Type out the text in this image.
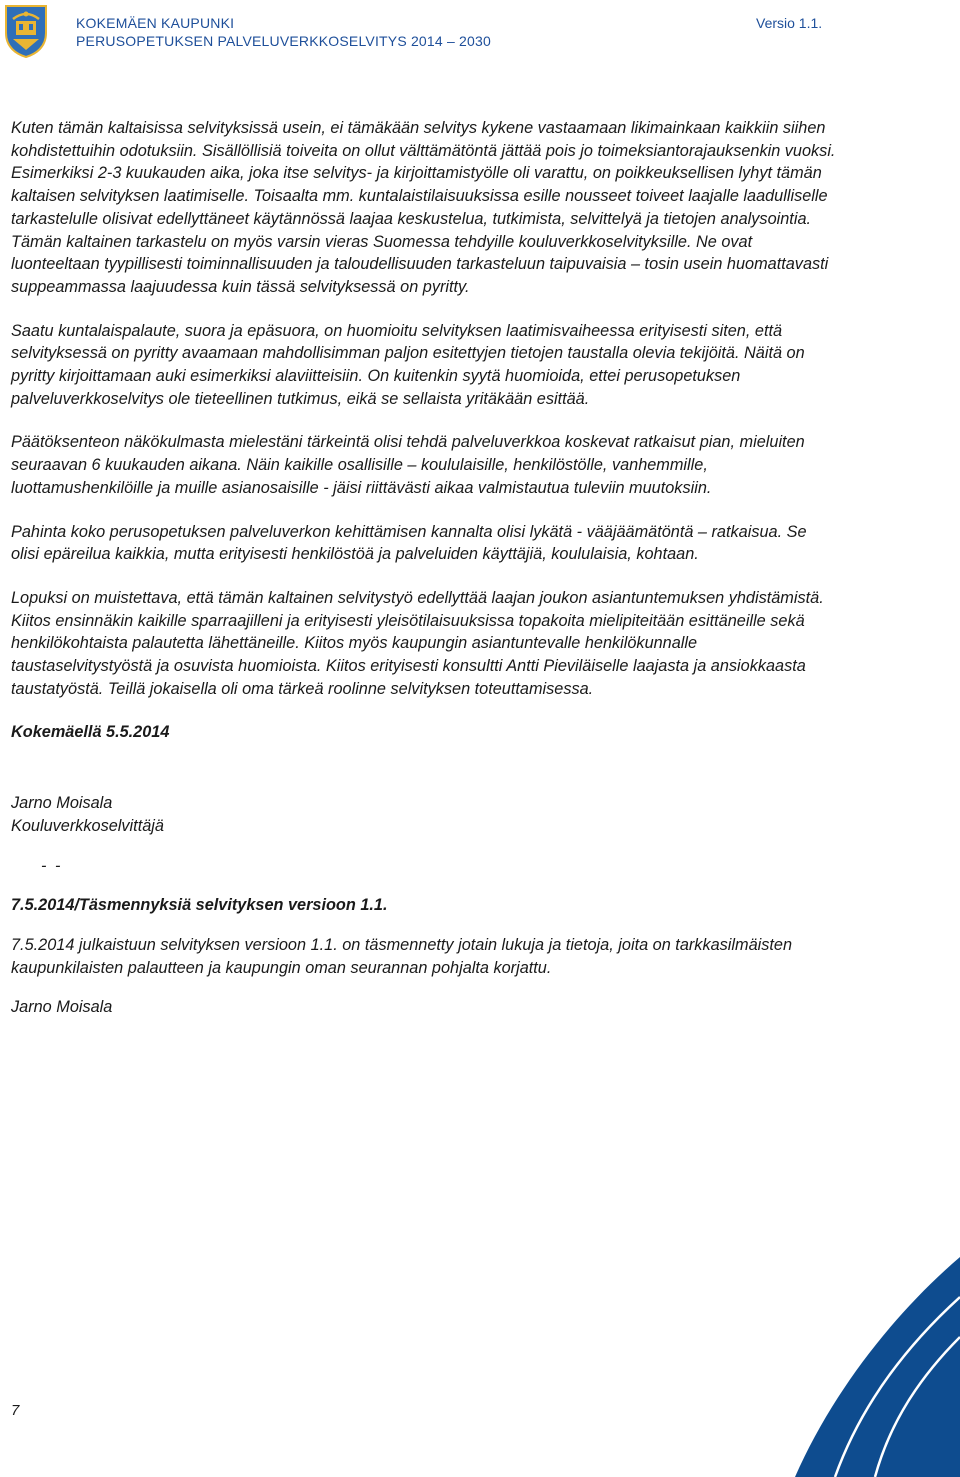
KOKEMÄEN KAUPUNKI
PERUSOPETUKSEN PALVELUVERKKOSELVITYS 2014 – 2030
Versio 1.1.

Kuten tämän kaltaisissa selvityksissä usein, ei tämäkään selvitys kykene vastaamaan likimainkaan kaikkiin siihen kohdistettuihin odotuksiin. Sisällöllisiä toiveita on ollut välttämätöntä jättää pois jo toimeksiantorajauksenkin vuoksi. Esimerkiksi 2-3 kuukauden aika, joka itse selvitys- ja kirjoittamistyölle oli varattu, on poikkeuksellisen lyhyt tämän kaltaisen selvityksen laatimiselle. Toisaalta mm. kuntalaistilaisuuksissa esille nousseet toiveet laajalle laadulliselle tarkastelulle olisivat edellyttäneet käytännössä laajaa keskustelua, tutkimista, selvittelyä ja tietojen analysointia. Tämän kaltainen tarkastelu on myös varsin vieras Suomessa tehdyille kouluverkkoselvityksille. Ne ovat luonteeltaan tyypillisesti toiminnallisuuden ja taloudellisuuden tarkasteluun taipuvaisia – tosin usein huomattavasti suppeammassa laajuudessa kuin tässä selvityksessä on pyritty.

Saatu kuntalaispalaute, suora ja epäsuora, on huomioitu selvityksen laatimisvaiheessa erityisesti siten, että selvityksessä on pyritty avaamaan mahdollisimman paljon esitettyjen tietojen taustalla olevia tekijöitä. Näitä on pyritty kirjoittamaan auki esimerkiksi alaviitteisiin. On kuitenkin syytä huomioida, ettei perusopetuksen palveluverkkoselvitys ole tieteellinen tutkimus, eikä se sellaista yritäkään esittää.

Päätöksenteon näkökulmasta mielestäni tärkeintä olisi tehdä palveluverkkoa koskevat ratkaisut pian, mieluiten seuraavan 6 kuukauden aikana. Näin kaikille osallisille – koululaisille, henkilöstölle, vanhemmille, luottamushenkilöille ja muille asianosaisille - jäisi riittävästi aikaa valmistautua tuleviin muutoksiin.

Pahinta koko perusopetuksen palveluverkon kehittämisen kannalta olisi lykätä - vääjäämätöntä – ratkaisua. Se olisi epäreilua kaikkia, mutta erityisesti henkilöstöä ja palveluiden käyttäjiä, koululaisia, kohtaan.

Lopuksi on muistettava, että tämän kaltainen selvitystyö edellyttää laajan joukon asiantuntemuksen yhdistämistä. Kiitos ensinnäkin kaikille sparraajilleni ja erityisesti yleisötilaisuuksissa topakoita mielipiteitään esittäneille sekä henkilökohtaista palautetta lähettäneille. Kiitos myös kaupungin asiantuntevalle henkilökunnalle taustaselvitystyöstä ja osuvista huomioista. Kiitos erityisesti konsultti Antti Pieviläiselle laajasta ja ansiokkaasta taustatyöstä. Teillä jokaisella oli oma tärkeä roolinne selvityksen toteuttamisessa.

Kokemäellä 5.5.2014

Jarno Moisala

Kouluverkkoselvittäjä

- -

7.5.2014/Täsmennyksiä selvityksen versioon 1.1.

7.5.2014 julkaistuun selvityksen versioon 1.1. on täsmennetty jotain lukuja ja tietoja, joita on tarkkasilmäisten kaupunkilaisten palautteen ja kaupungin oman seurannan pohjalta korjattu.

Jarno Moisala

7
